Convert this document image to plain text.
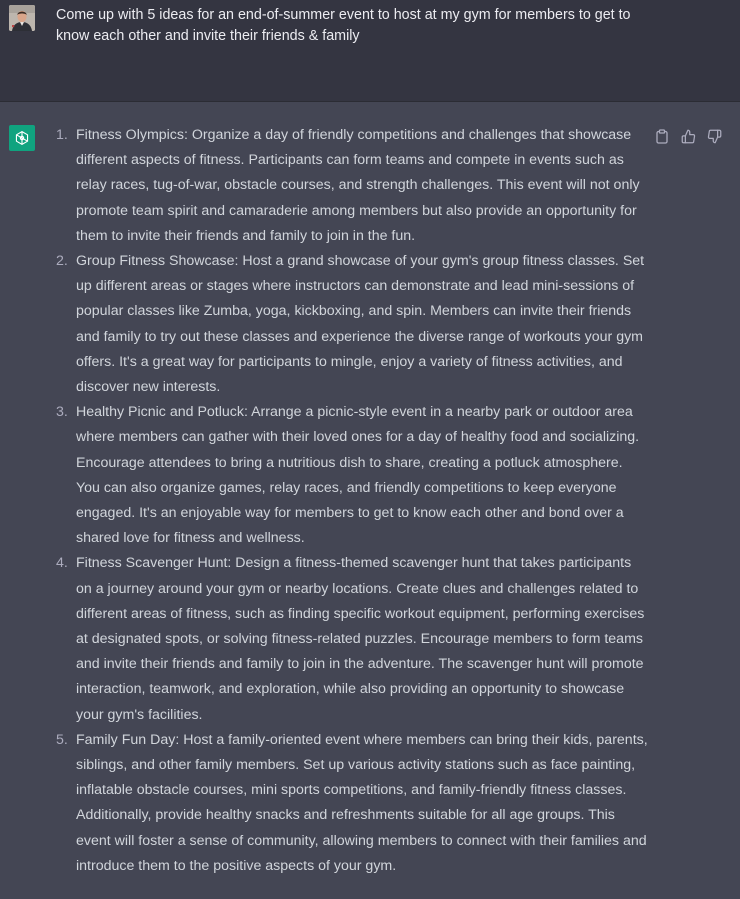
Come up with 5 ideas for an end-of-summer event to host at my gym for members to get to know each other and invite their friends & family
1. Fitness Olympics: Organize a day of friendly competitions and challenges that showcase different aspects of fitness. Participants can form teams and compete in events such as relay races, tug-of-war, obstacle courses, and strength challenges. This event will not only promote team spirit and camaraderie among members but also provide an opportunity for them to invite their friends and family to join in the fun.
2. Group Fitness Showcase: Host a grand showcase of your gym's group fitness classes. Set up different areas or stages where instructors can demonstrate and lead mini-sessions of popular classes like Zumba, yoga, kickboxing, and spin. Members can invite their friends and family to try out these classes and experience the diverse range of workouts your gym offers. It's a great way for participants to mingle, enjoy a variety of fitness activities, and discover new interests.
3. Healthy Picnic and Potluck: Arrange a picnic-style event in a nearby park or outdoor area where members can gather with their loved ones for a day of healthy food and socializing. Encourage attendees to bring a nutritious dish to share, creating a potluck atmosphere. You can also organize games, relay races, and friendly competitions to keep everyone engaged. It's an enjoyable way for members to get to know each other and bond over a shared love for fitness and wellness.
4. Fitness Scavenger Hunt: Design a fitness-themed scavenger hunt that takes participants on a journey around your gym or nearby locations. Create clues and challenges related to different areas of fitness, such as finding specific workout equipment, performing exercises at designated spots, or solving fitness-related puzzles. Encourage members to form teams and invite their friends and family to join in the adventure. The scavenger hunt will promote interaction, teamwork, and exploration, while also providing an opportunity to showcase your gym's facilities.
5. Family Fun Day: Host a family-oriented event where members can bring their kids, parents, siblings, and other family members. Set up various activity stations such as face painting, inflatable obstacle courses, mini sports competitions, and family-friendly fitness classes. Additionally, provide healthy snacks and refreshments suitable for all age groups. This event will foster a sense of community, allowing members to connect with their families and introduce them to the positive aspects of your gym.
